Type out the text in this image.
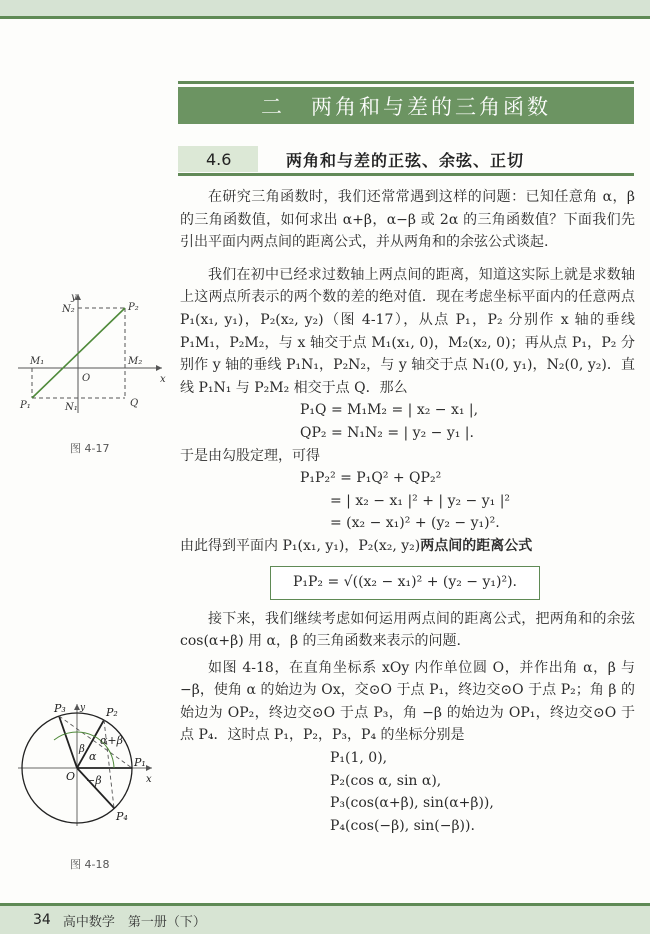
二 两角和与差的三角函数
4.6	两角和与差的正弦、余弦、正切

在研究三角函数时，我们还常常遇到这样的问题：已知任意角 α，β 的三角函数值，如何求出 α+β，α−β 或 2α 的三角函数值？下面我们先引出平面内两点间的距离公式，并从两角和的余弦公式谈起.

我们在初中已经求过数轴上两点间的距离，知道这实际上就是求数轴上这两点所表示的两个数的差的绝对值．现在考虑坐标平面内的任意两点 P₁(x₁, y₁)，P₂(x₂, y₂)（图 4-17），从点 P₁，P₂ 分别作 x 轴的垂线 P₁M₁，P₂M₂，与 x 轴交于点 M₁(x₁, 0)，M₂(x₂, 0)；再从点 P₁，P₂ 分别作 y 轴的垂线 P₁N₁，P₂N₂，与 y 轴交于点 N₁(0, y₁)，N₂(0, y₂)．直线 P₁N₁ 与 P₂M₂ 相交于点 Q．那么

P₁Q = M₁M₂ = | x₂ − x₁ |,

QP₂ = N₁N₂ = | y₂ − y₁ |.

于是由勾股定理，可得

P₁P₂² = P₁Q² + QP₂²

= | x₂ − x₁ |² + | y₂ − y₁ |²

= (x₂ − x₁)² + (y₂ − y₁)².

由此得到平面内 P₁(x₁, y₁)，P₂(x₂, y₂)两点间的距离公式

P₁P₂ = √((x₂ − x₁)² + (y₂ − y₁)²).

接下来，我们继续考虑如何运用两点间的距离公式，把两角和的余弦 cos(α+β) 用 α，β 的三角函数来表示的问题.

如图 4-18，在直角坐标系 xOy 内作单位圆 O，并作出角 α，β 与 −β，使角 α 的始边为 Ox，交⊙O 于点 P₁，终边交⊙O 于点 P₂；角 β 的始边为 OP₂，终边交⊙O 于点 P₃，角 −β 的始边为 OP₁，终边交⊙O 于点 P₄．这时点 P₁，P₂，P₃，P₄ 的坐标分别是

P₁(1, 0),

P₂(cos α, sin α),

P₃(cos(α+β), sin(α+β)),

P₄(cos(−β), sin(−β)).

y
x
O
N₂	P₂
M₁	M₂
P₁	N₁	Q
图 4-17
y
x
O
P₁
P₂
P₃
P₄
α
β
α+β
−β
图 4-18
34 高中数学　第一册（下）
